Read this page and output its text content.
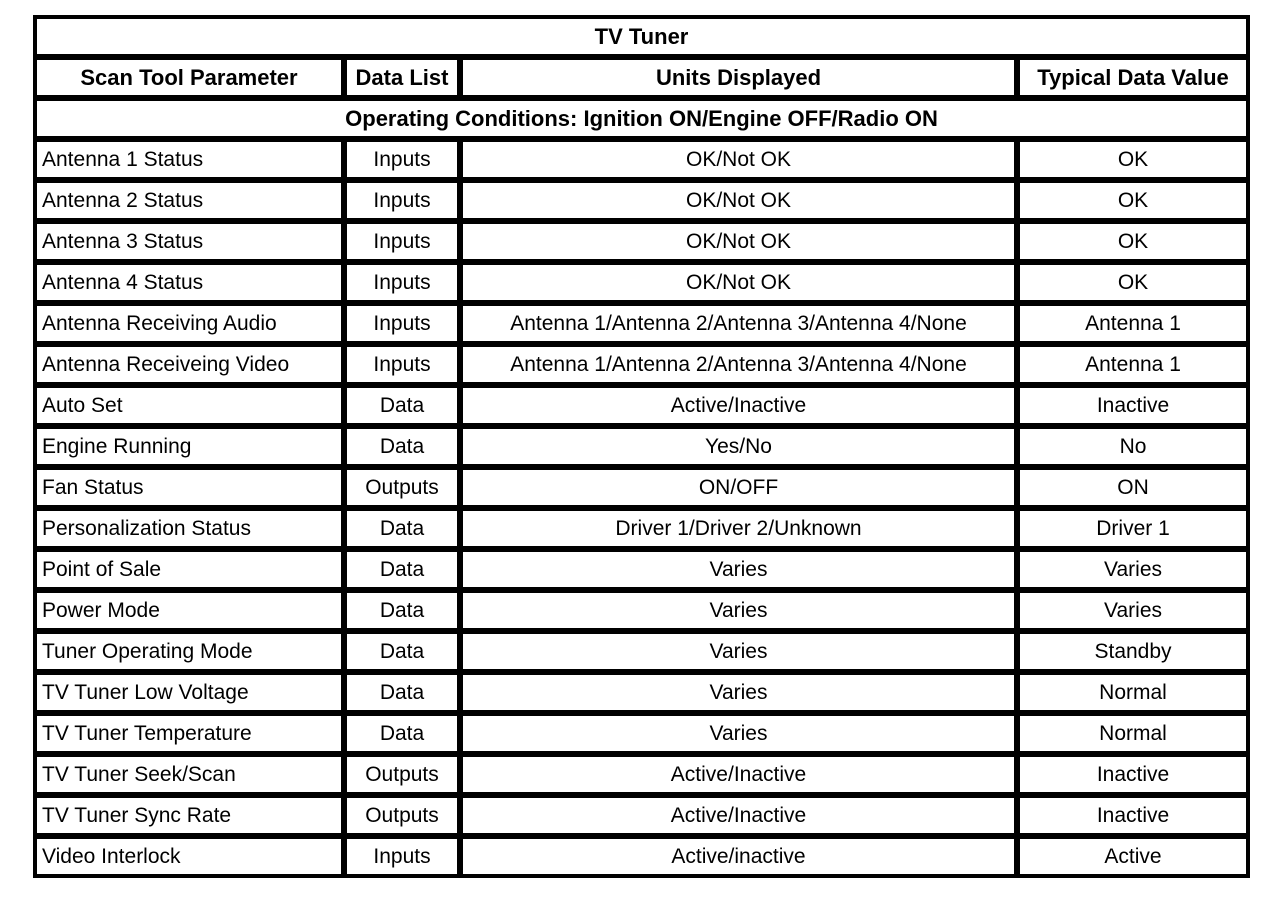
TV Tuner			
Scan Tool Parameter	Data List	Units Displayed	Typical Data Value
Operating Conditions: Ignition ON/Engine OFF/Radio ON			
Antenna 1 Status	Inputs	OK/Not OK	OK
Antenna 2 Status	Inputs	OK/Not OK	OK
Antenna 3 Status	Inputs	OK/Not OK	OK
Antenna 4 Status	Inputs	OK/Not OK	OK
Antenna Receiving Audio	Inputs	Antenna 1/Antenna 2/Antenna 3/Antenna 4/None	Antenna 1
Antenna Receiveing Video	Inputs	Antenna 1/Antenna 2/Antenna 3/Antenna 4/None	Antenna 1
Auto Set	Data	Active/Inactive	Inactive
Engine Running	Data	Yes/No	No
Fan Status	Outputs	ON/OFF	ON
Personalization Status	Data	Driver 1/Driver 2/Unknown	Driver 1
Point of Sale	Data	Varies	Varies
Power Mode	Data	Varies	Varies
Tuner Operating Mode	Data	Varies	Standby
TV Tuner Low Voltage	Data	Varies	Normal
TV Tuner Temperature	Data	Varies	Normal
TV Tuner Seek/Scan	Outputs	Active/Inactive	Inactive
TV Tuner Sync Rate	Outputs	Active/Inactive	Inactive
Video Interlock	Inputs	Active/inactive	Active
